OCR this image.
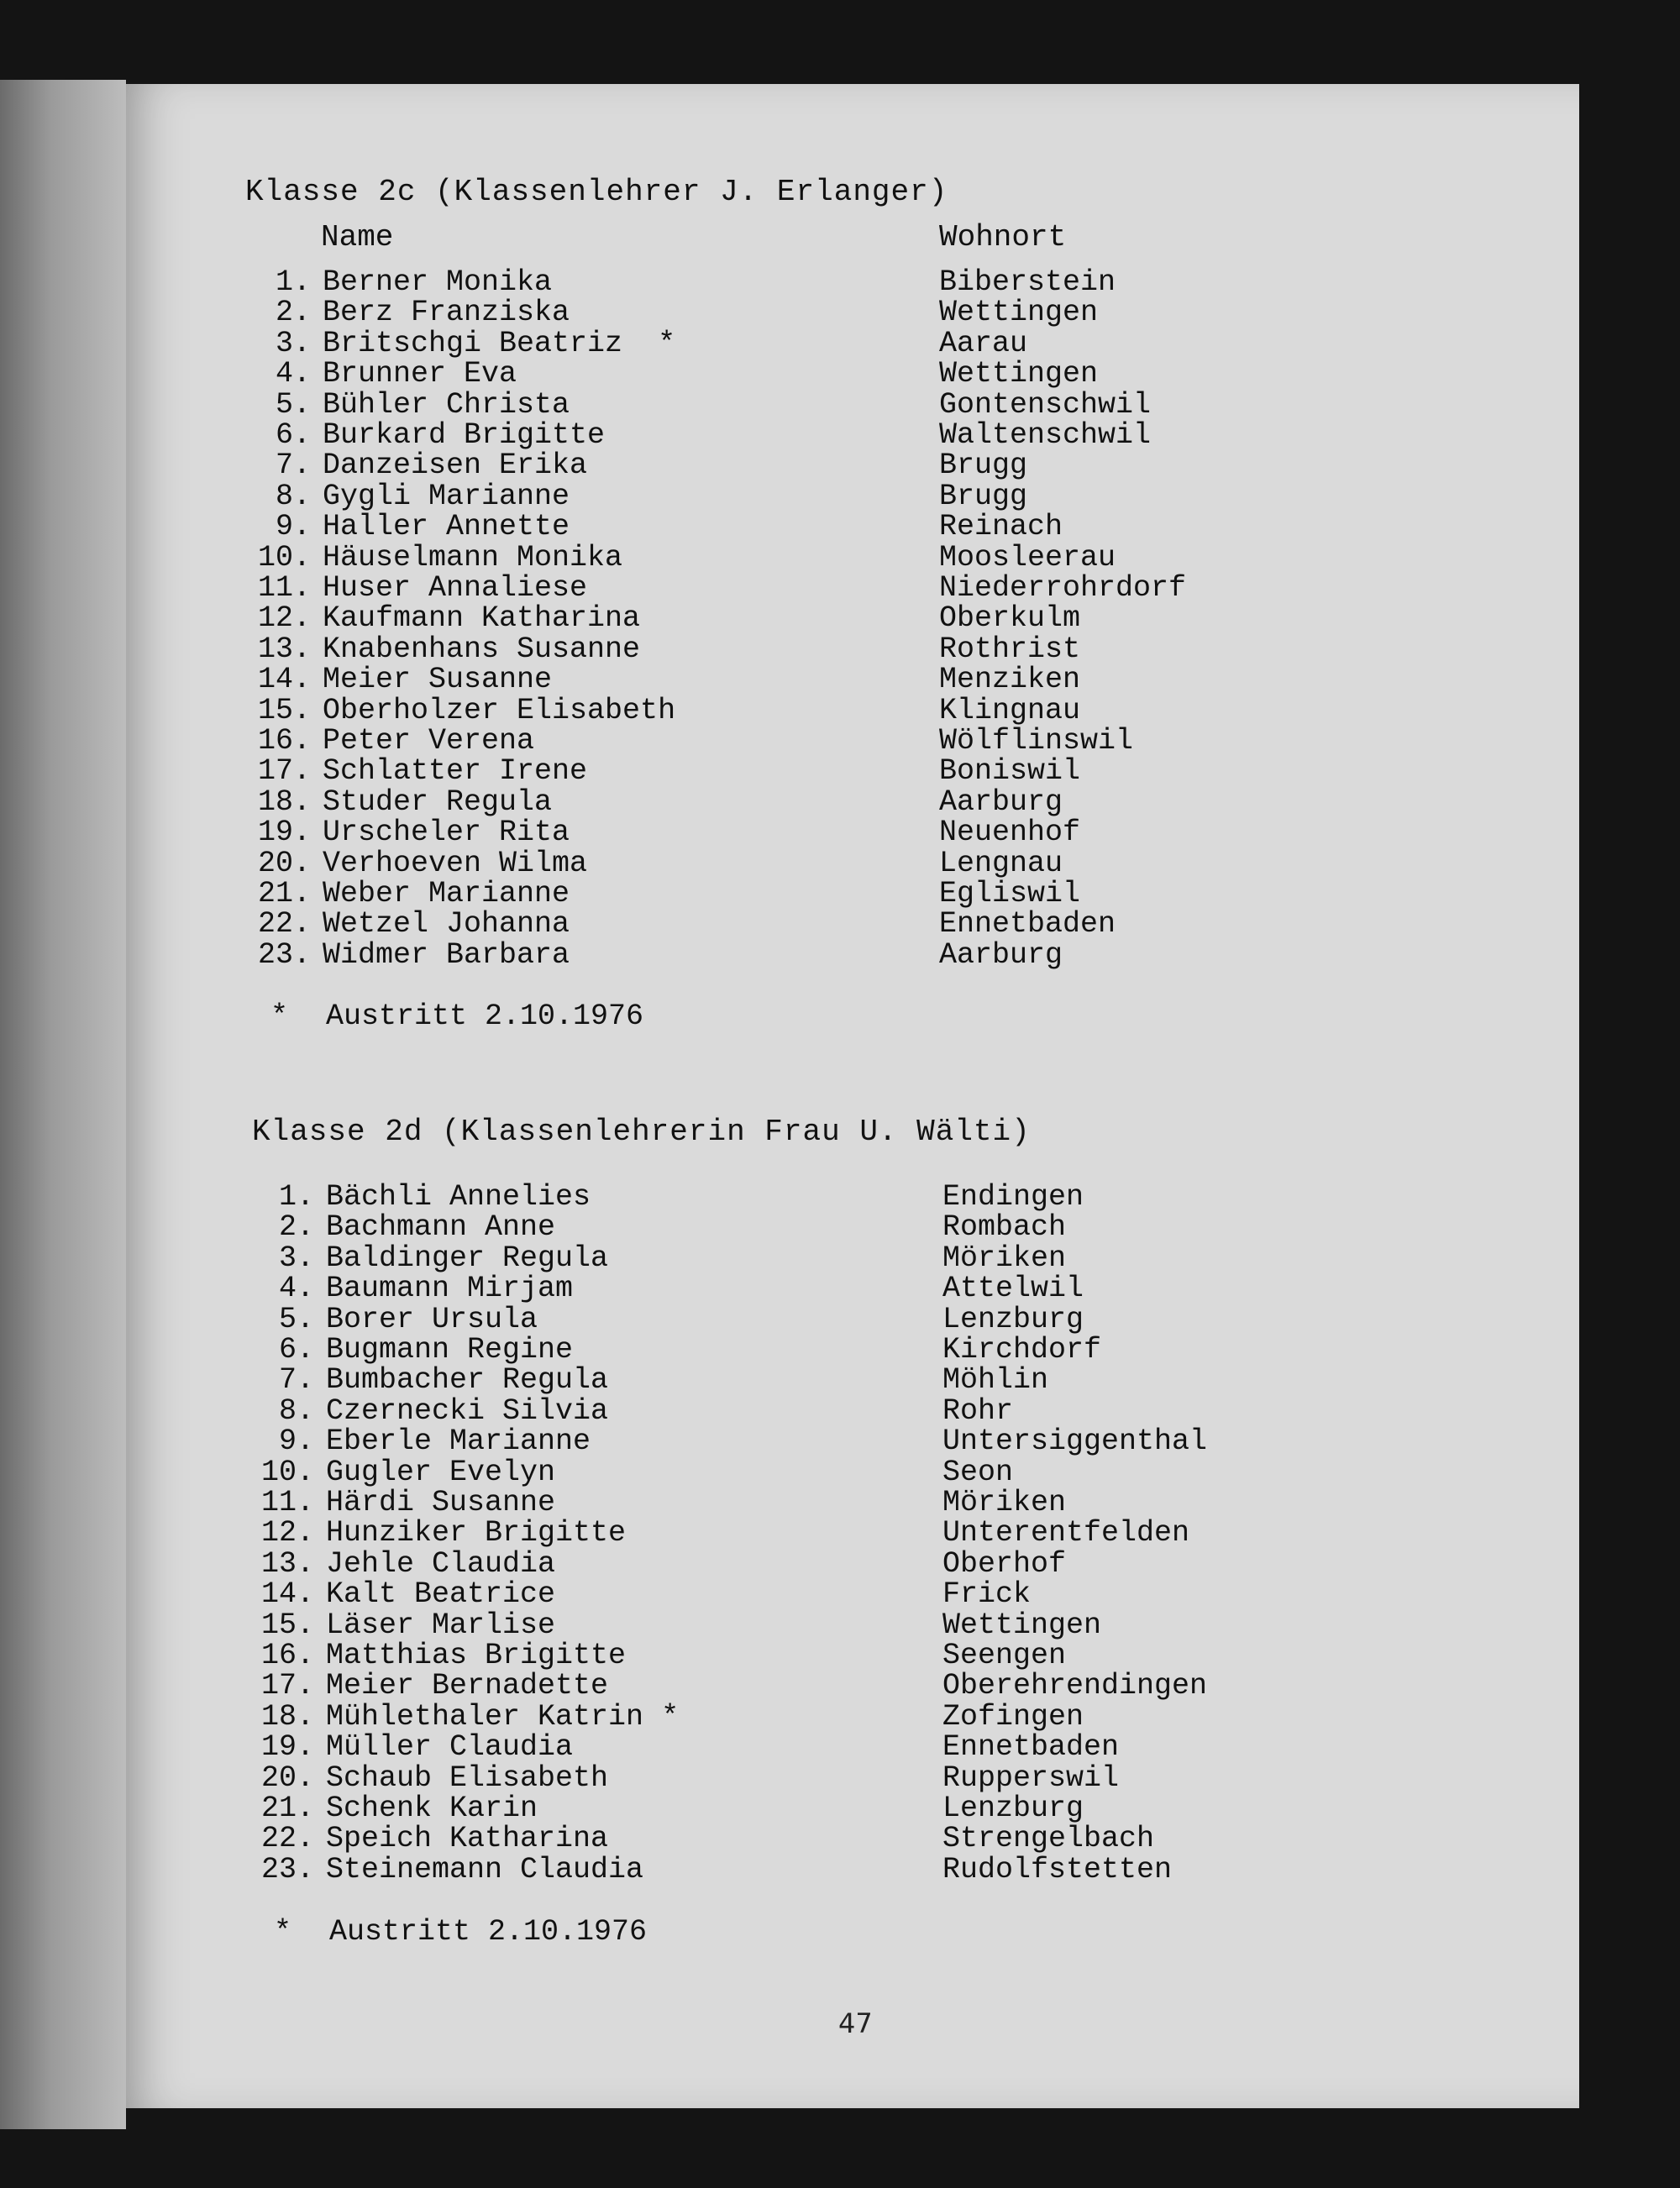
Klasse 2c (Klassenlehrer J. Erlanger)
Name	Wohnort
1. Berner Monika	Biberstein
2. Berz Franziska	Wettingen
3. Britschgi Beatriz  *	Aarau
4. Brunner Eva	Wettingen
5. Bühler Christa	Gontenschwil
6. Burkard Brigitte	Waltenschwil
7. Danzeisen Erika	Brugg
8. Gygli Marianne	Brugg
9. Haller Annette	Reinach
10. Häuselmann Monika	Moosleerau
11. Huser Annaliese	Niederrohrdorf
12. Kaufmann Katharina	Oberkulm
13. Knabenhans Susanne	Rothrist
14. Meier Susanne	Menziken
15. Oberholzer Elisabeth	Klingnau
16. Peter Verena	Wölflinswil
17. Schlatter Irene	Boniswil
18. Studer Regula	Aarburg
19. Urscheler Rita	Neuenhof
20. Verhoeven Wilma	Lengnau
21. Weber Marianne	Egliswil
22. Wetzel Johanna	Ennetbaden
23. Widmer Barbara	Aarburg
* Austritt 2.10.1976
Klasse 2d (Klassenlehrerin Frau U. Wälti)
1. Bächli Annelies	Endingen
2. Bachmann Anne	Rombach
3. Baldinger Regula	Möriken
4. Baumann Mirjam	Attelwil
5. Borer Ursula	Lenzburg
6. Bugmann Regine	Kirchdorf
7. Bumbacher Regula	Möhlin
8. Czernecki Silvia	Rohr
9. Eberle Marianne	Untersiggenthal
10. Gugler Evelyn	Seon
11. Härdi Susanne	Möriken
12. Hunziker Brigitte	Unterentfelden
13. Jehle Claudia	Oberhof
14. Kalt Beatrice	Frick
15. Läser Marlise	Wettingen
16. Matthias Brigitte	Seengen
17. Meier Bernadette	Oberehrendingen
18. Mühlethaler Katrin *	Zofingen
19. Müller Claudia	Ennetbaden
20. Schaub Elisabeth	Rupperswil
21. Schenk Karin	Lenzburg
22. Speich Katharina	Strengelbach
23. Steinemann Claudia	Rudolfstetten
* Austritt 2.10.1976
47
